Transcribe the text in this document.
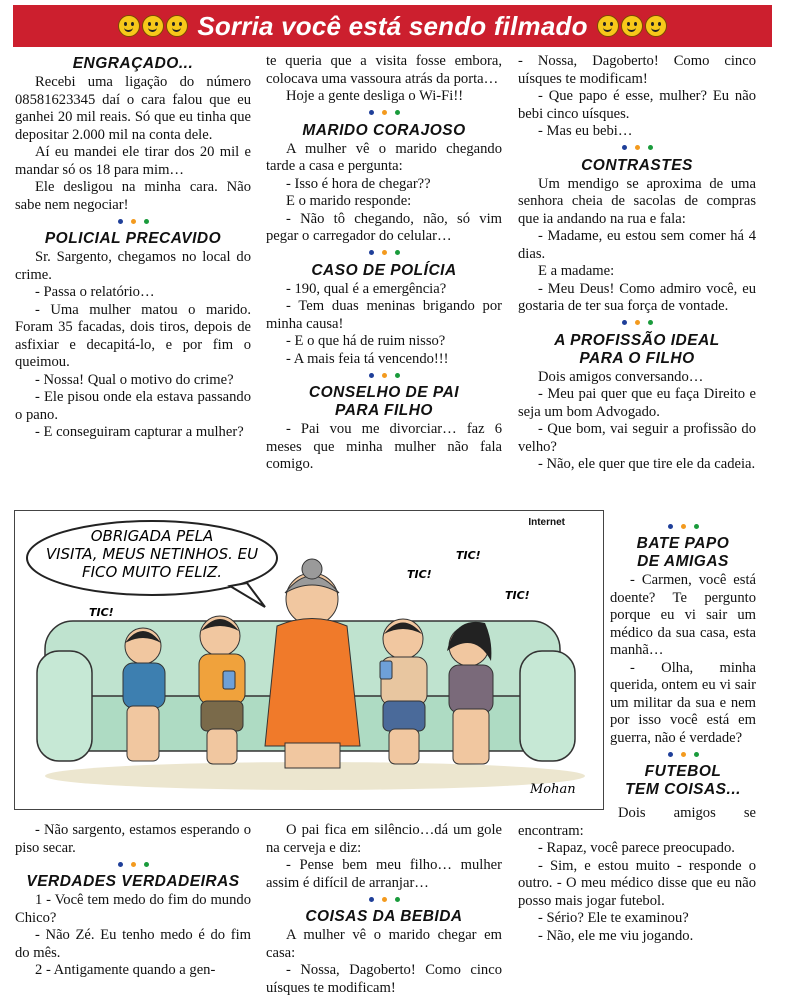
Sorria você está sendo filmado
ENGRAÇADO...

Recebi uma ligação do número 08581623345 daí o cara falou que eu ganhei 20 mil reais. Só que eu tinha que depositar 2.000 mil na conta dele.

Aí eu mandei ele tirar dos 20 mil e mandar só os 18 para mim…

Ele desligou na minha cara. Não sabe nem negociar!

POLICIAL PRECAVIDO

Sr. Sargento, chegamos no local do crime.

- Passa o relatório…

- Uma mulher matou o marido. Foram 35 facadas, dois tiros, depois de asfixiar e decapitá-lo, e por fim o queimou.

- Nossa! Qual o motivo do crime?

- Ele pisou onde ela estava passando o pano.

- E conseguiram capturar a mulher?

te queria que a visita fosse embora, colocava uma vassoura atrás da porta…

Hoje a gente desliga o Wi-Fi!!

MARIDO CORAJOSO

A mulher vê o marido chegando tarde a casa e pergunta:

- Isso é hora de chegar??

E o marido responde:

- Não tô chegando, não, só vim pegar o carregador do celular…

CASO DE POLÍCIA

- 190, qual é a emergência?

- Tem duas meninas brigando por minha causa!

- E o que há de ruim nisso?

- A mais feia tá vencendo!!!

CONSELHO DE PAI
PARA FILHO

- Pai vou me divorciar… faz 6 meses que minha mulher não fala comigo.

- Nossa, Dagoberto! Como cinco uísques te modificam!

- Que papo é esse, mulher? Eu não bebi cinco uísques.

- Mas eu bebi…

CONTRASTES

Um mendigo se aproxima de uma senhora cheia de sacolas de compras que ia andando na rua e fala:

- Madame, eu estou sem comer há 4 dias.

E a madame:

- Meu Deus! Como admiro você, eu gostaria de ter sua força de vontade.

A PROFISSÃO IDEAL
PARA O FILHO

Dois amigos conversando…

- Meu pai quer que eu faça Direito e seja um bom Advogado.

- Que bom, vai seguir a profissão do velho?

- Não, ele quer que tire ele da cadeia.

BATE PAPO
DE AMIGAS

- Carmen, você está doente? Te pergunto porque eu vi sair um médico da sua casa, esta manhã…

- Olha, minha querida, ontem eu vi sair um militar da sua e nem por isso você está em guerra, não é verdade?

FUTEBOL
TEM COISAS...
Internet
OBRIGADA PELA
VISITA, MEUS NETINHOS. EU
FICO MUITO FELIZ.
TIC!
TIC!
TIC!
TIC!
Mohan

- Não sargento, estamos esperando o piso secar.

VERDADES VERDADEIRAS

1 - Você tem medo do fim do mundo Chico?

- Não Zé. Eu tenho medo é do fim do mês.

2 - Antigamente quando a gen-

O pai fica em silêncio…dá um gole na cerveja e diz:

- Pense bem meu filho… mulher assim é difícil de arranjar…

COISAS DA BEBIDA

A mulher vê o marido chegar em casa:

- Nossa, Dagoberto! Como cinco uísques te modificam!

Dois amigos se encontram:

- Rapaz, você parece preocupado.

- Sim, e estou muito - responde o outro. - O meu médico disse que eu não posso mais jogar futebol.

- Sério? Ele te examinou?

- Não, ele me viu jogando.
